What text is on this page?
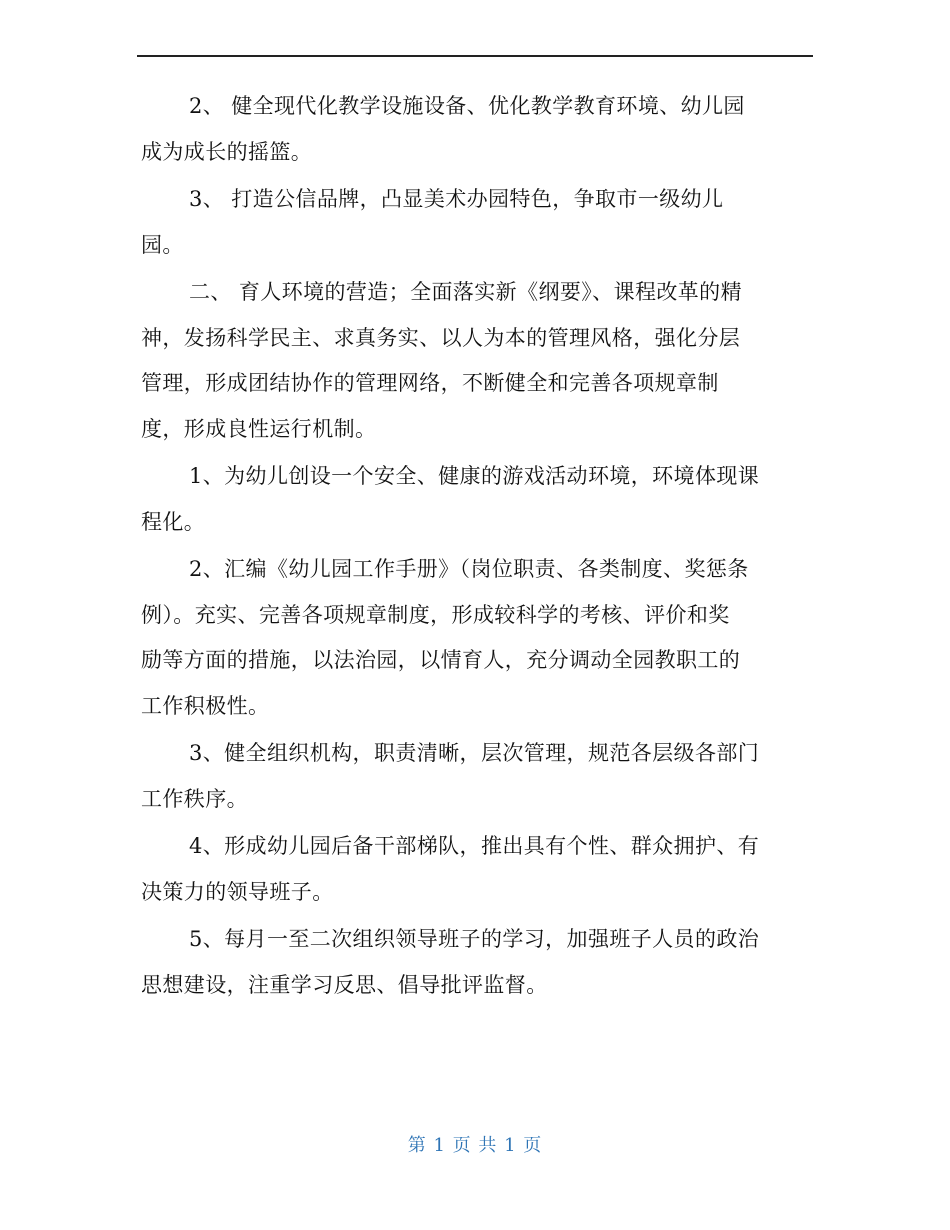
2、 健全现代化教学设施设备、优化教学教育环境、幼儿园
成为成长的摇篮。

3、 打造公信品牌，凸显美术办园特色，争取市一级幼儿
园。

二、 育人环境的营造；全面落实新《纲要》、课程改革的精
神，发扬科学民主、求真务实、以人为本的管理风格，强化分层
管理，形成团结协作的管理网络，不断健全和完善各项规章制
度，形成良性运行机制。

1、为幼儿创设一个安全、健康的游戏活动环境，环境体现课
程化。

2、汇编《幼儿园工作手册》（岗位职责、各类制度、奖惩条
例）。充实、完善各项规章制度，形成较科学的考核、评价和奖
励等方面的措施，以法治园，以情育人，充分调动全园教职工的
工作积极性。

3、健全组织机构，职责清晰，层次管理，规范各层级各部门
工作秩序。

4、形成幼儿园后备干部梯队，推出具有个性、群众拥护、有
决策力的领导班子。

5、每月一至二次组织领导班子的学习，加强班子人员的政治
思想建设，注重学习反思、倡导批评监督。

第 1 页 共 1 页
